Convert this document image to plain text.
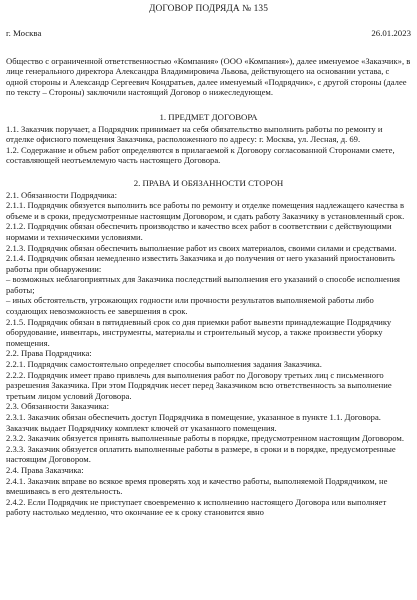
ДОГОВОР ПОДРЯДА № 135
г. Москва	26.01.2023

Общество с ограниченной ответственностью «Компания» (ООО «Компания»), далее именуемое «Заказчик», в лице генерального директора Александра Владимировича Львова, действующего на основании устава, с одной стороны и Александр Сергеевич Кондратьев, далее именуемый «Подрядчик», с другой стороны (далее по тексту – Стороны) заключили настоящий Договор о нижеследующем.

1. ПРЕДМЕТ ДОГОВОРА

1.1. Заказчик поручает, а Подрядчик принимает на себя обязательство выполнить работы по ремонту и отделке офисного помещения Заказчика, расположенного по адресу: г. Москва, ул. Лесная, д. 69.

1.2. Содержание и объем работ определяются в прилагаемой к Договору согласованной Сторонами смете, составляющей неотъемлемую часть настоящего Договора.

2. ПРАВА И ОБЯЗАННОСТИ СТОРОН

2.1. Обязанности Подрядчика:

2.1.1. Подрядчик обязуется выполнить все работы по ремонту и отделке помещения надлежащего качества в объеме и в сроки, предусмотренные настоящим Договором, и сдать работу Заказчику в установленный срок.

2.1.2. Подрядчик обязан обеспечить производство и качество всех работ в соответствии с действующими нормами и техническими условиями.

2.1.3. Подрядчик обязан обеспечить выполнение работ из своих материалов, своими силами и средствами.

2.1.4. Подрядчик обязан немедленно известить Заказчика и до получения от него указаний приостановить работы при обнаружении:

– возможных неблагоприятных для Заказчика последствий выполнения его указаний о способе исполнения работы;

– иных обстоятельств, угрожающих годности или прочности результатов выполняемой работы либо создающих невозможность ее завершения в срок.

2.1.5. Подрядчик обязан в пятидневный срок со дня приемки работ вывезти принадлежащие Подрядчику оборудование, инвентарь, инструменты, материалы и строительный мусор, а также произвести уборку помещения.

2.2. Права Подрядчика:

2.2.1. Подрядчик самостоятельно определяет способы выполнения задания Заказчика.

2.2.2. Подрядчик имеет право привлечь для выполнения работ по Договору третьих лиц с письменного разрешения Заказчика. При этом Подрядчик несет перед Заказчиком всю ответственность за выполнение третьим лицом условий Договора.

2.3. Обязанности Заказчика:

2.3.1. Заказчик обязан обеспечить доступ Подрядчика в помещение, указанное в пункте 1.1. Договора. Заказчик выдает Подрядчику комплект ключей от указанного помещения.

2.3.2. Заказчик обязуется принять выполненные работы в порядке, предусмотренном настоящим Договором.

2.3.3. Заказчик обязуется оплатить выполненные работы в размере, в сроки и в порядке, предусмотренные настоящим Договором.

2.4. Права Заказчика:

2.4.1. Заказчик вправе во всякое время проверять ход и качество работы, выполняемой Подрядчиком, не вмешиваясь в его деятельность.

2.4.2. Если Подрядчик не приступает своевременно к исполнению настоящего Договора или выполняет работу настолько медленно, что окончание ее к сроку становится явно
